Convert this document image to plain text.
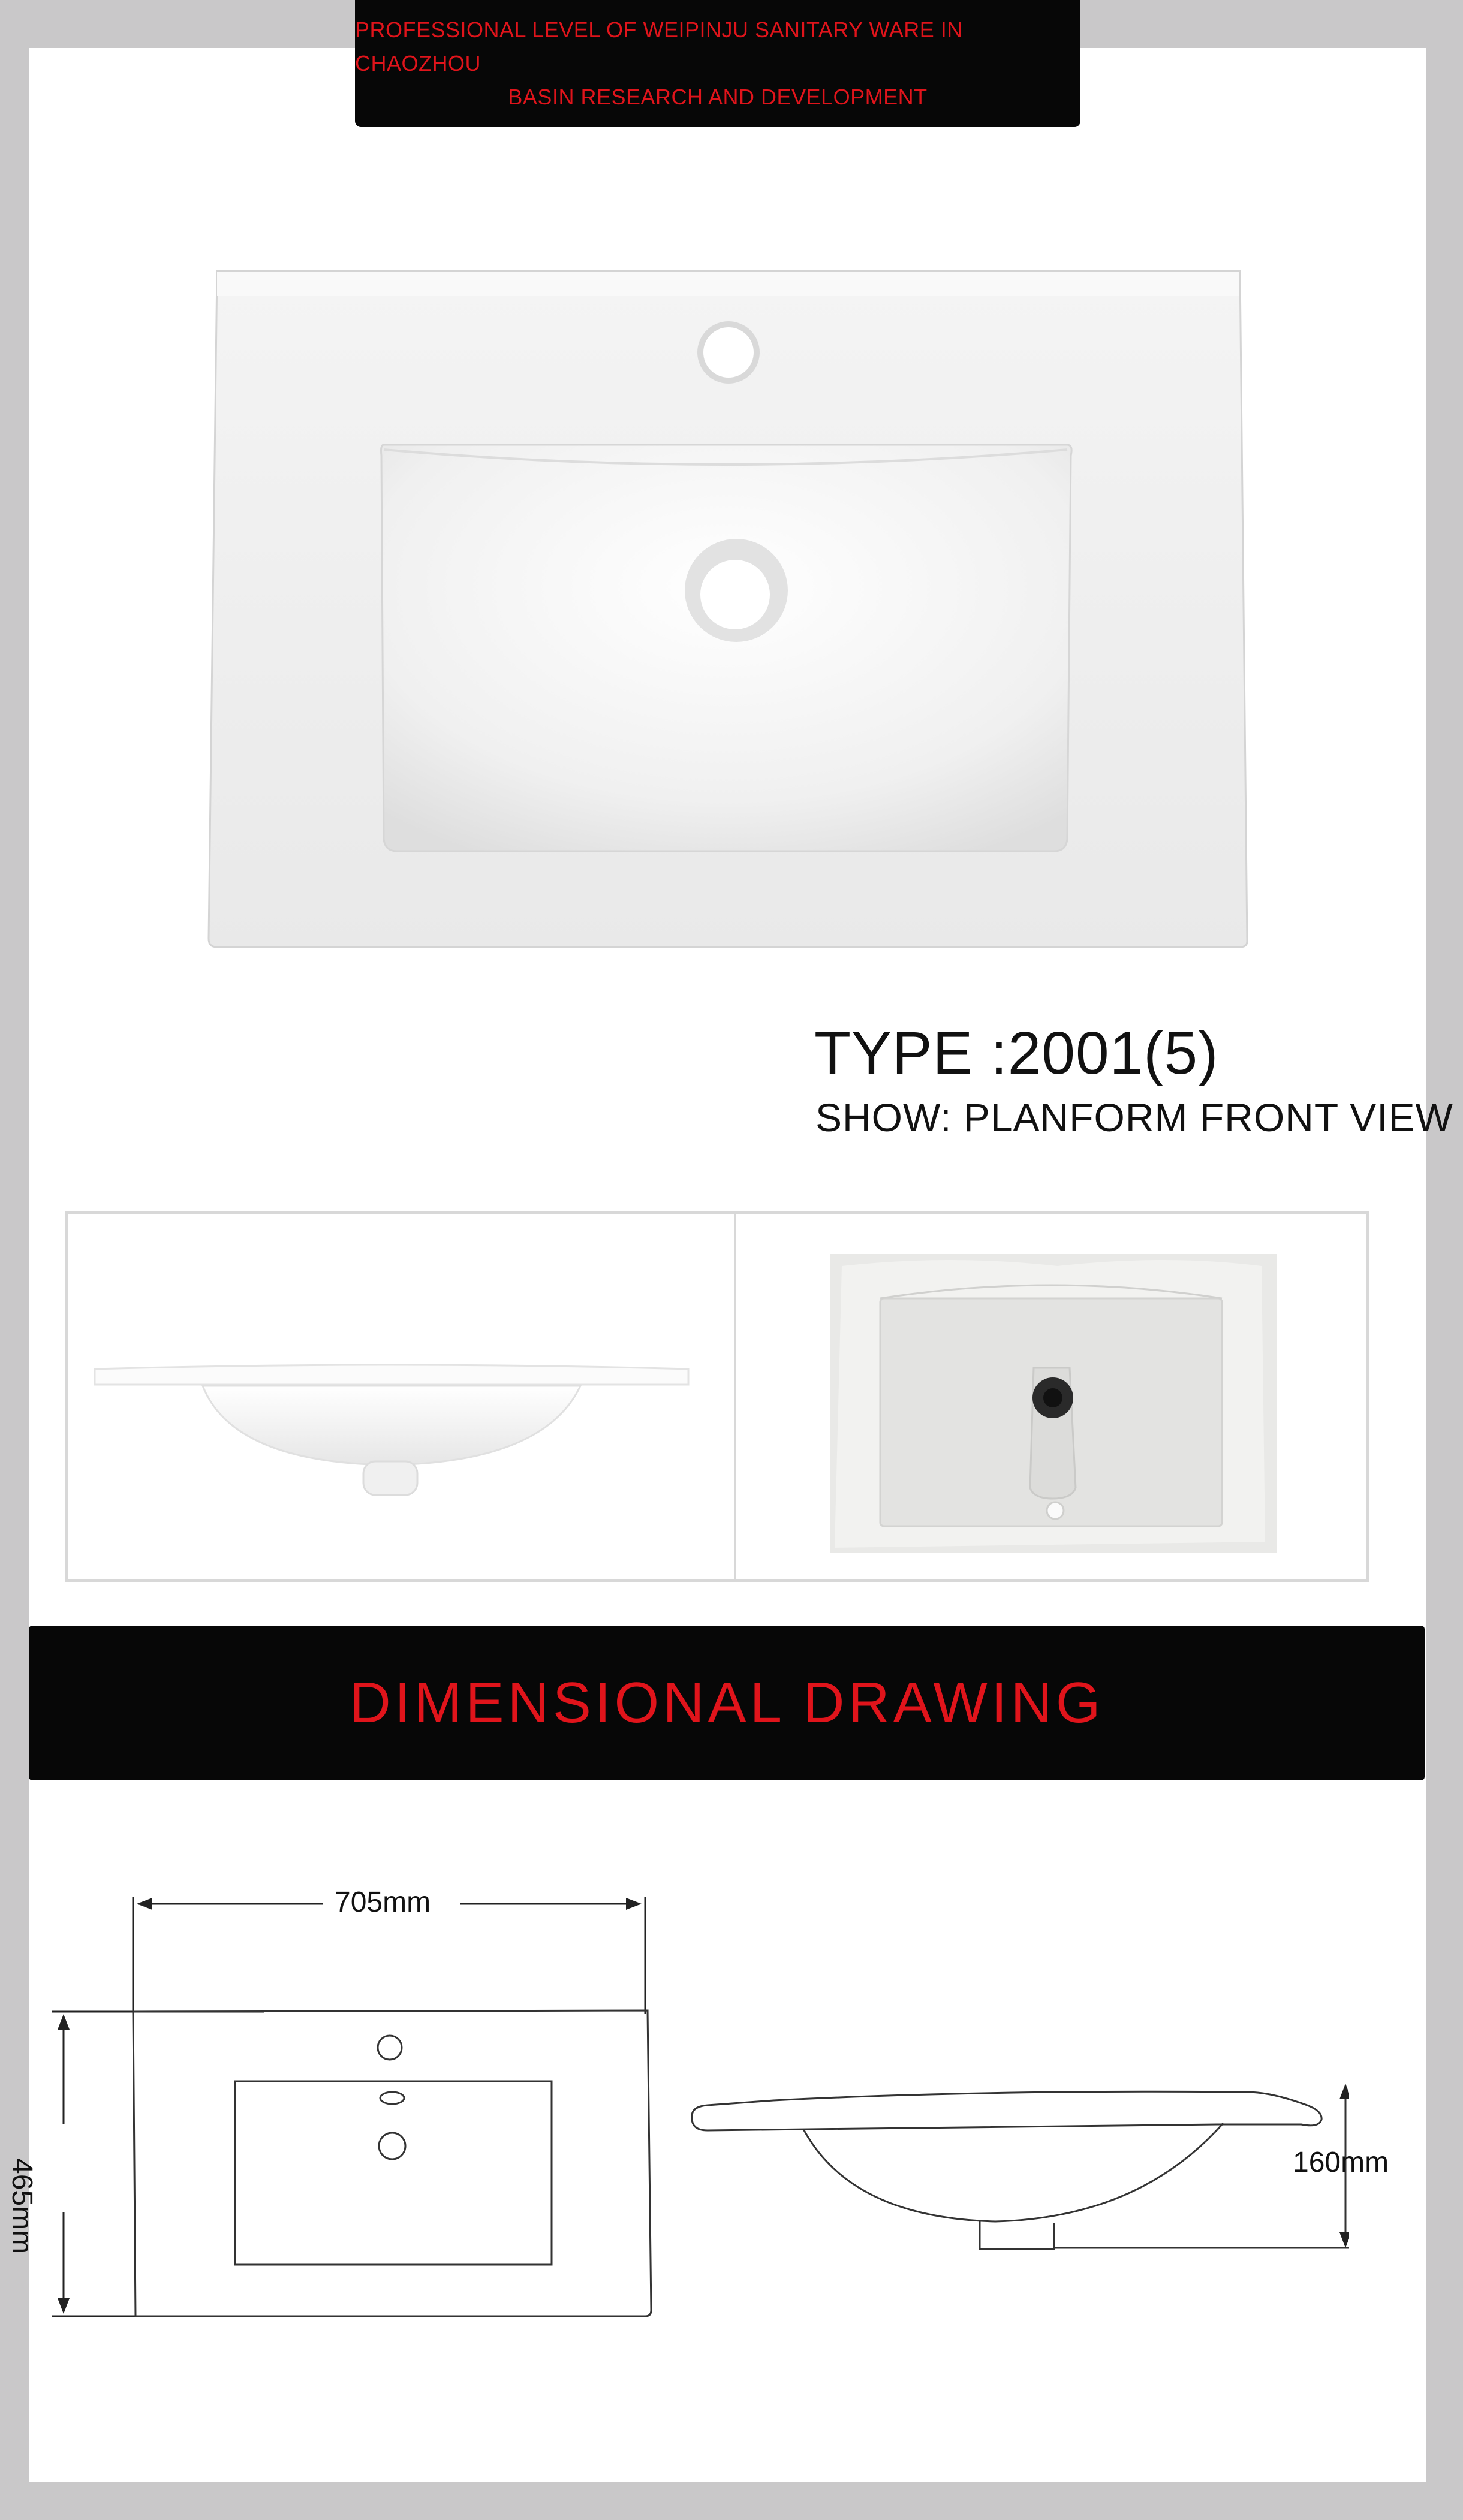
PROFESSIONAL LEVEL OF WEIPINJU SANITARY WARE IN CHAOZHOU
BASIN RESEARCH AND DEVELOPMENT
TYPE :2001(5)
SHOW: PLANFORM FRONT VIEW
DIMENSIONAL DRAWING
705mm
465mm	160mm
